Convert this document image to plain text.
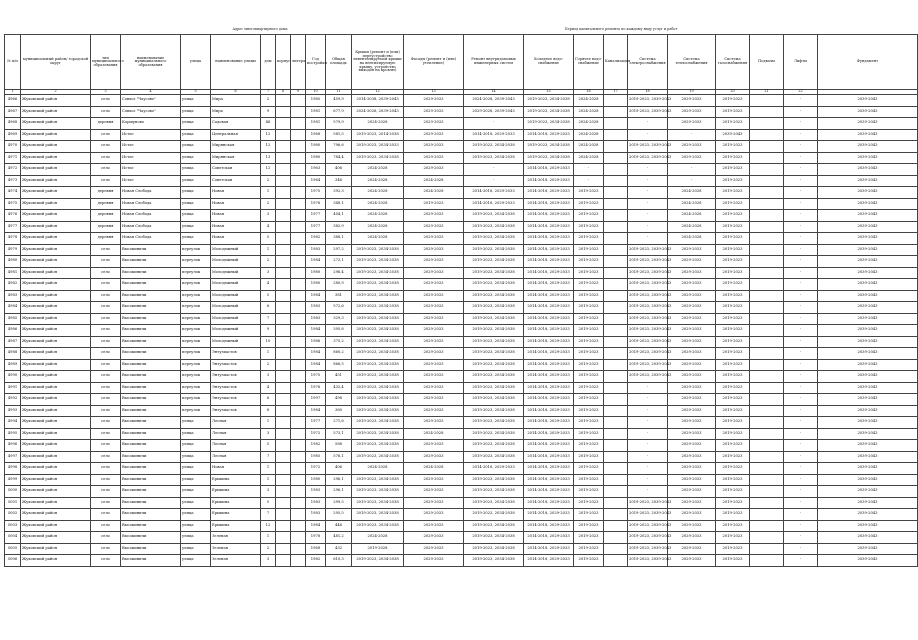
Адрес многоквартирного дома	Период капитального ремонта по каждому виду услуг и работ
№ п/п	муниципальный район/ городской округ	тип муниципального образования	наименование муниципального образования	улица	наименование улицы	дом	корпус	литера	Год постройки	Общая площадь	Крыши (ремонт и (или) переустройство невентилируемой крыши на вентилируемую крышу, устройство выходов на кровлю)	Фасады (ремонт и (или) утепление)	Ремонт внутридомовых инженерных систем	Холодное водо-снабжение	Горячее водо-снабжение	Канализация	Система электроснабжения	Система теплоснабжения	Система газоснабжения	Подвалы	Лифты	Фундамент
1	2	3	4	5	6	7	8	9	10	11	12	13	14	15	16	17	18	19	20	21	22	
4966	Жуковский район	село	Совхоз "Чаусово"	улица	Мира	2			1985	459,9	2014-2038, 2039-2043	2029-2033	2024-2028, 2039-2043	2019-2023, 2034-2038	2024-2028		2019-2023, 2039-2043	2029-2033	2019-2023		-	2039-2043
4967	Жуковский район	село	Совхоз "Чаусово"	улица	Мира	9			1981	677,9	2024-2026, 2039-2043	2029-2033	2029-2028, 2039-2043	2019-2023, 2034-2038	2024-2028		2019-2023, 2039-2043	2029-2033	2019-2023		-	2039-2043
4968	Жуковский район	деревня	Коршуново	улица	Садовая	46			1981	579,9	2024-2028	2029-2033	-	2019-2023, 2034-2038	2024-2028		-	2029-2033	2019-2023		-	2039-2043
4969	Жуковский район	село	Истье	улица	Центральная	12			1968	581,5	2019-2023, 2014-2038	2029-2033	2014-2018, 2029-2033	2014-2018, 2029-2033	2024-2028		-	-	2039-2043		-	2039-2043
4970	Жуковский район	село	Истье	улица	Мирянская	12			1980	796,6	2019-2023, 2034-2033	2029-2033	2019-2023, 2034-2038	2019-2023, 2034-2038	2024-2028		2019-2023, 2039-2043	2029-2033	2019-2023		-	2039-2043
4971	Жуковский район	село	Истье	улица	Мирянская	13			1980	784,4	2019-2023, 2034-2038	2029-2033	2019-2023, 2034-2038	2019-2023, 2034-2038	2024-2028		2019-2023, 2039-2043	2029-2033	2019-2023		-	2039-2043
4972	Жуковский район	село	Истье	улица	Советская	12			1963	406	2024-2028	2029-2033	-	2014-2018, 2029-2033	-		-	-	2019-2023		-	2039-2043
4973	Жуковский район	село	Истье	улица	Советская	2			1964	346	2024-2028	2024-2028	-	2014-2018, 2029-2033	-		-	-	2019-2023		-	2039-2043
4974	Жуковский район	деревня	Новая Слобода	улица	Новая	1			1975	392,3	2024-2028	2024-2028	2014-2018, 2029-2033	2014-2018, 2029-2033	2019-2023		-	2024-2028	2019-2023		-	2039-2043
4975	Жуковский район	деревня	Новая Слобода	улица	Новая	2			1976	348,1	2024-2028	2019-2023	2014-2018, 2029-2033	2014-2018, 2029-2033	2019-2023		-	2024-2028	2019-2023		-	2039-2043
4976	Жуковский район	деревня	Новая Слобода	улица	Новая	3			1977	404,1	2024-2028	2029-2033	2019-2023, 2034-2038	2014-2018, 2029-2033	2019-2023		-	2024-2028	2019-2023		-	2039-2043
4977	Жуковский район	деревня	Новая Слобода	улица	Новая	4			1977	382,9	2024-2028	2029-2033	2019-2023, 2034-2038	2014-2018, 2029-2033	2019-2023		-	2024-2028	2019-2023		-	2039-2043
4978	Жуковский район	деревня	Новая Слобода	улица	Новая	5			1982	388,1	2024-2028	2029-2033	2019-2023, 2034-2038	2014-2018, 2029-2033	2019-2023		-	2024-2028	2019-2023		-	2039-2043
4979	Жуковский район	село	Высокиничи	переулок	Молодежный	1			1983	297,2	2019-2023, 2034-2038	2029-2033	2019-2023, 2034-2038	2014-2018, 2029-2033	2019-2023		2019-2023, 2039-2043	2029-2033	2019-2023		-	2039-2043
4980	Жуковский район	село	Высокиничи	переулок	Молодежный	2			1984	272,1	2019-2023, 2034-2038	2029-2033	2019-2023, 2034-2038	2014-2018, 2029-2033	2019-2023		2019-2023, 2039-2043	2029-2033	2019-2023		-	2039-2043
4981	Жуковский район	село	Высокиничи	переулок	Молодежный	3			1980	296,4	2019-2023, 2034-2038	2029-2033	2019-2023, 2034-2038	2014-2018, 2029-2033	2019-2023		2019-2023, 2039-2043	2029-2033	2019-2023		-	2039-2043
4982	Жуковский район	село	Высокиничи	переулок	Молодежный	4			1980	280,9	2019-2023, 2034-2038	2029-2033	2019-2023, 2034-2038	2014-2018, 2029-2033	2019-2023		2019-2023, 2039-2043	2029-2033	2019-2023		-	2039-2043
4983	Жуковский район	село	Высокиничи	переулок	Молодежный	5			1984	381	2019-2023, 2034-2038	2029-2033	2019-2023, 2034-2038	2014-2018, 2029-2033	2019-2023		2019-2023, 2039-2043	2029-2033	2019-2023		-	2039-2043
4984	Жуковский район	село	Высокиничи	переулок	Молодежный	6			1983	572,6	2019-2023, 2034-2038	2029-2033	2019-2023, 2034-2038	2014-2018, 2029-2033	2019-2023		2019-2023, 2039-2043	2029-2033	2019-2023		-	2039-2043
4985	Жуковский район	село	Высокиничи	переулок	Молодежный	7			1983	329,3	2019-2023, 2034-2038	2029-2033	2019-2023, 2034-2038	2014-2018, 2029-2033	2019-2023		2019-2023, 2039-2043	2029-2033	2019-2023		-	2039-2043
4986	Жуковский район	село	Высокиничи	переулок	Молодежный	9			1984	395,8	2019-2023, 2034-2038	2029-2033	2019-2023, 2034-2038	2014-2018, 2029-2033	2019-2023		2019-2023, 2039-2043	2029-2033	2019-2023		-	2039-2043
4987	Жуковский район	село	Высокиничи	переулок	Молодежный	10			1986	375,2	2019-2023, 2034-2038	2029-2033	2019-2023, 2034-2038	2014-2018, 2029-2033	2019-2023		2019-2023, 2039-2043	2029-2033	2019-2023		-	2039-2043
4988	Жуковский район	село	Высокиничи	переулок	Энтузиастов	1			1984	860,2	2019-2023, 2034-2038	2029-2033	2019-2023, 2034-2038	2014-2018, 2029-2033	2019-2023		2019-2023, 2039-2043	2029-2033	2019-2023		-	2039-2043
4989	Жуковский район	село	Высокиничи	переулок	Энтузиастов	2			1984	866,5	2019-2023, 2034-2038	2029-2033	2019-2023, 2034-2038	2014-2018, 2029-2033	2019-2023		2019-2023, 2039-2043	2029-2033	2019-2023		-	2039-2043
4990	Жуковский район	село	Высокиничи	переулок	Энтузиастов	3			1975	451	2019-2023, 2034-2038	2029-2033	2019-2023, 2034-2038	2014-2018, 2029-2033	2019-2023		2019-2023, 2039-2043	2029-2033	2019-2023		-	2039-2043
4991	Жуковский район	село	Высокиничи	переулок	Энтузиастов	4			1976	432,4	2019-2023, 2034-2038	2029-2033	2019-2023, 2034-2038	2014-2018, 2029-2033	2019-2023		-	2029-2033	2019-2023		-	2039-2043
4992	Жуковский район	село	Высокиничи	переулок	Энтузиастов	6			1997	498	2019-2023, 2034-2038	2029-2033	2019-2023, 2034-2038	2014-2018, 2029-2033	2019-2023		-	2029-2033	2019-2023		-	2039-2043
4993	Жуковский район	село	Высокиничи	переулок	Энтузиастов	8			1984	360	2019-2023, 2034-2038	2029-2033	2019-2023, 2034-2038	2014-2018, 2029-2033	2019-2023		-	2029-2033	2019-2023		-	2039-2043
4994	Жуковский район	село	Высокиничи	улица	Лесная	1			1977	271,6	2019-2023, 2034-2038	2029-2033	2019-2023, 2034-2038	2014-2018, 2029-2033	2019-2023		-	2029-2033	2019-2023		-	2039-2043
4995	Жуковский район	село	Высокиничи	улица	Лесная	3			1972	573,1	2019-2023, 2034-2038	2024-2028	2019-2023, 2034-2038	2014-2018, 2029-2033	2019-2023		-	2029-2033	2019-2023		-	2039-2043
4996	Жуковский район	село	Высокиничи	улица	Лесная	5			1982	588	2019-2023, 2034-2038	2029-2033	2019-2023, 2034-2038	2014-2018, 2029-2033	2019-2023		-	2029-2033	2019-2023		-	2039-2043
4997	Жуковский район	село	Высокиничи	улица	Лесная	7			1985	576,1	2019-2023, 2034-2038	2029-2033	2019-2023, 2034-2038	2014-2018, 2029-2033	2019-2023		-	2029-2033	2019-2023		-	2039-2043
4998	Жуковский район	село	Высокиничи	улица	Новая	1			1972	406	2024-2028	2024-2028	2014-2018, 2029-2033	2014-2018, 2029-2033	2019-2023		-	2029-2033	2019-2023		-	2039-2043
4999	Жуковский район	село	Высокиничи	улица	Ерыкина	1			1980	296,1	2019-2023, 2034-2038	2029-2033	2019-2023, 2034-2038	2014-2018, 2029-2033	2019-2023		-	2029-2033	2019-2023		-	2039-2043
5000	Жуковский район	село	Высокиничи	улица	Ерыкина	3			1983	296,1	2019-2023, 2034-2038	2029-2033	2019-2023, 2034-2038	2014-2018, 2029-2033	2019-2023		-	2029-2033	2019-2023		-	2039-2043
5001	Жуковский район	село	Высокиничи	улица	Ерыкина	5			1983	299,5	2019-2023, 2034-2038	2029-2033	2019-2023, 2034-2038	2014-2018, 2029-2033	2019-2023		2019-2023, 2039-2043	2029-2033	2019-2023		-	2039-2043
5002	Жуковский район	село	Высокиничи	улица	Ерыкина	7			1983	295,5	2019-2023, 2034-2038	2029-2033	2019-2023, 2034-2038	2014-2018, 2029-2033	2019-2023		2019-2023, 2039-2043	2029-2033	2019-2023		-	2039-2043
5003	Жуковский район	село	Высокиничи	улица	Ерыкина	12			1984	446	2019-2023, 2034-2038	2029-2033	2019-2023, 2034-2038	2014-2018, 2029-2033	2019-2023		2019-2023, 2039-2043	2029-2033	2019-2023		-	2039-2043
5004	Жуковский район	село	Высокиничи	улица	Зеленая	1			1978	481,2	2024-2028	2029-2033	2019-2023, 2034-2038	2014-2018, 2029-2033	2019-2023		2019-2023, 2039-2043	2029-2033	2019-2023		-	2039-2043
5005	Жуковский район	село	Высокиничи	улица	Зеленая	2			1968	432	2019-2028	2029-2033	2019-2023, 2034-2038	2014-2018, 2029-2033	2019-2023		2019-2023, 2039-2043	2029-2033	2019-2023		-	2039-2043
5006	Жуковский район	село	Высокиничи	улица	Зеленая	3			1982	610,3	2019-2023, 2034-2038	2029-2033	2019-2023, 2034-2038	2014-2018, 2029-2033	2019-2023		2019-2023, 2039-2043	2029-2033	2019-2023		-	2039-2043
